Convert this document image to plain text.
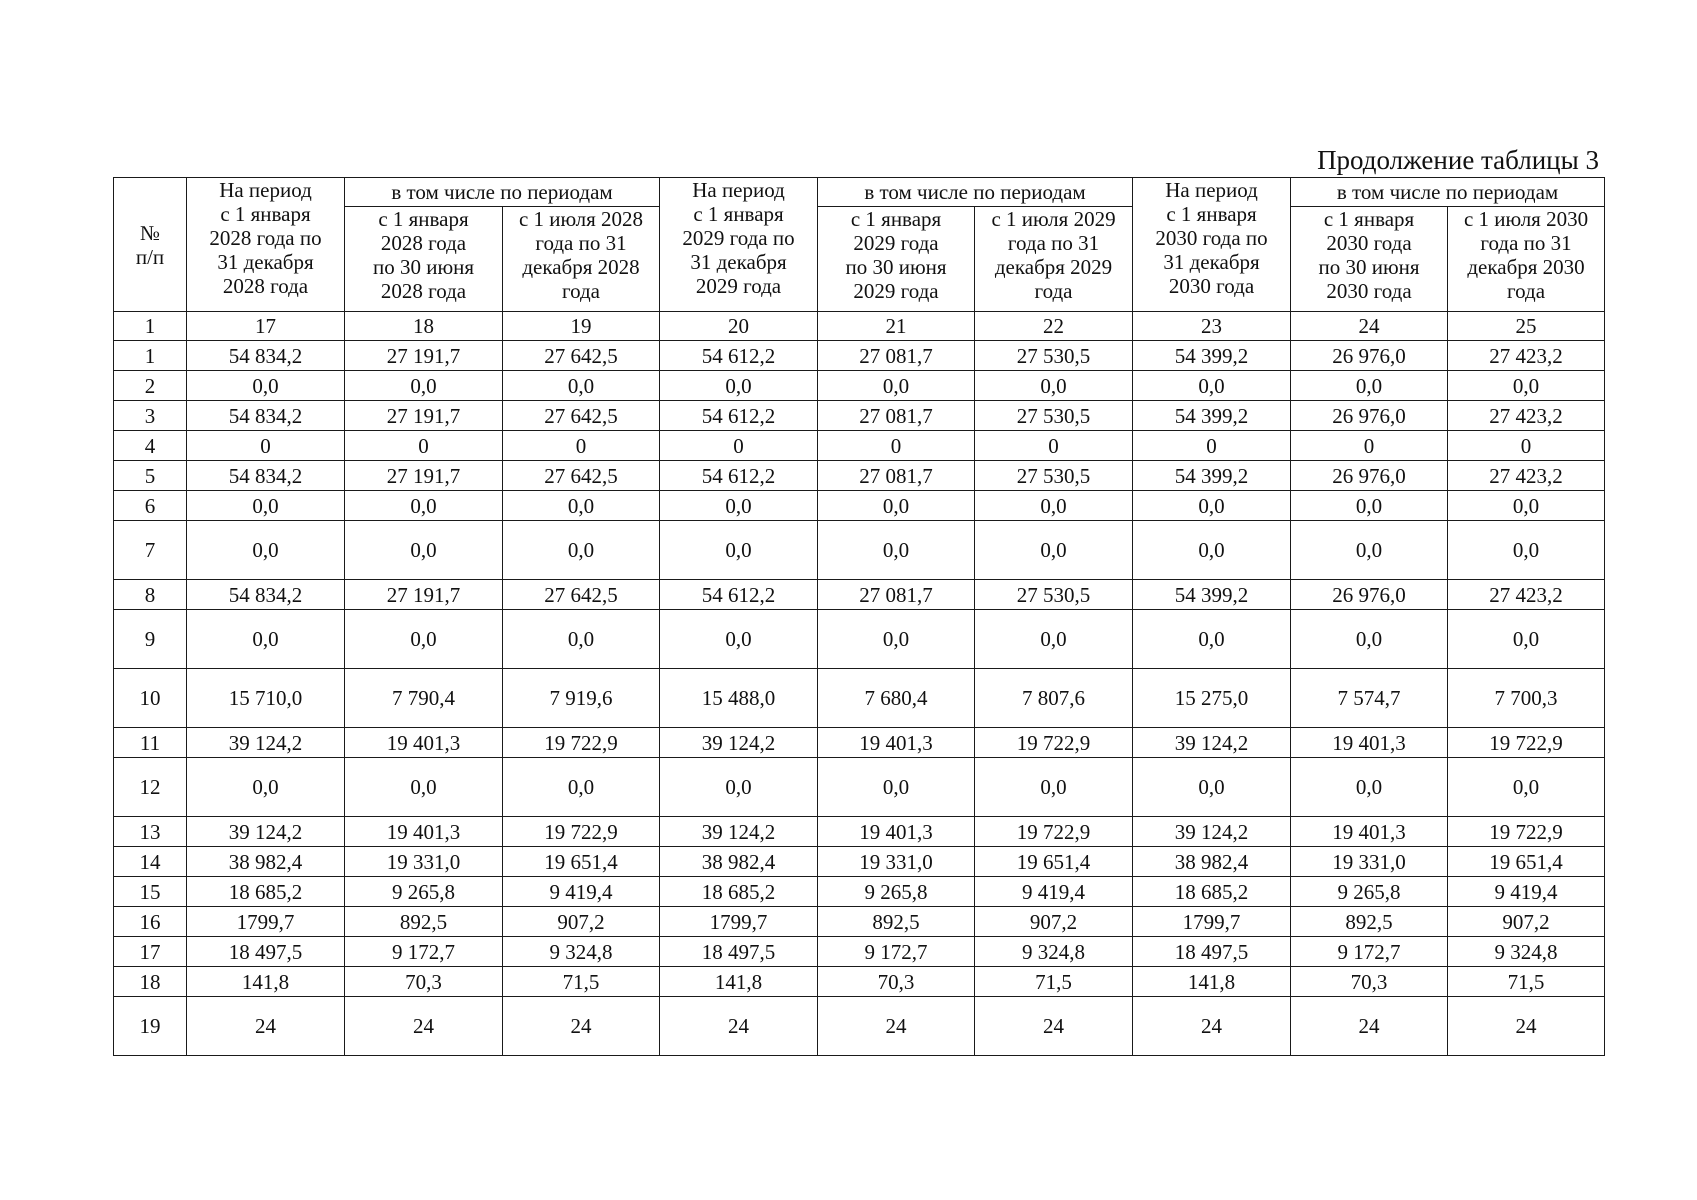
Продолжение таблицы 3
№
п/п	На период
с 1 января
2028 года по
31 декабря
2028 года	в том числе по периодам		На период
с 1 января
2029 года по
31 декабря
2029 года	в том числе по периодам		На период
с 1 января
2030 года по
31 декабря
2030 года	в том числе по периодам	
		с 1 января
2028 года
по 30 июня
2028 года	с 1 июля 2028
года по 31
декабря 2028
года		с 1 января
2029 года
по 30 июня
2029 года	с 1 июля 2029
года по 31
декабря 2029
года		с 1 января
2030 года
по 30 июня
2030 года	с 1 июля 2030
года по 31
декабря 2030
года
1	17	18	19	20	21	22	23	24	25
1	54 834,2	27 191,7	27 642,5	54 612,2	27 081,7	27 530,5	54 399,2	26 976,0	27 423,2
2	0,0	0,0	0,0	0,0	0,0	0,0	0,0	0,0	0,0
3	54 834,2	27 191,7	27 642,5	54 612,2	27 081,7	27 530,5	54 399,2	26 976,0	27 423,2
4	0	0	0	0	0	0	0	0	0
5	54 834,2	27 191,7	27 642,5	54 612,2	27 081,7	27 530,5	54 399,2	26 976,0	27 423,2
6	0,0	0,0	0,0	0,0	0,0	0,0	0,0	0,0	0,0
7	0,0	0,0	0,0	0,0	0,0	0,0	0,0	0,0	0,0
8	54 834,2	27 191,7	27 642,5	54 612,2	27 081,7	27 530,5	54 399,2	26 976,0	27 423,2
9	0,0	0,0	0,0	0,0	0,0	0,0	0,0	0,0	0,0
10	15 710,0	7 790,4	7 919,6	15 488,0	7 680,4	7 807,6	15 275,0	7 574,7	7 700,3
11	39 124,2	19 401,3	19 722,9	39 124,2	19 401,3	19 722,9	39 124,2	19 401,3	19 722,9
12	0,0	0,0	0,0	0,0	0,0	0,0	0,0	0,0	0,0
13	39 124,2	19 401,3	19 722,9	39 124,2	19 401,3	19 722,9	39 124,2	19 401,3	19 722,9
14	38 982,4	19 331,0	19 651,4	38 982,4	19 331,0	19 651,4	38 982,4	19 331,0	19 651,4
15	18 685,2	9 265,8	9 419,4	18 685,2	9 265,8	9 419,4	18 685,2	9 265,8	9 419,4
16	1799,7	892,5	907,2	1799,7	892,5	907,2	1799,7	892,5	907,2
17	18 497,5	9 172,7	9 324,8	18 497,5	9 172,7	9 324,8	18 497,5	9 172,7	9 324,8
18	141,8	70,3	71,5	141,8	70,3	71,5	141,8	70,3	71,5
19	24	24	24	24	24	24	24	24	24
